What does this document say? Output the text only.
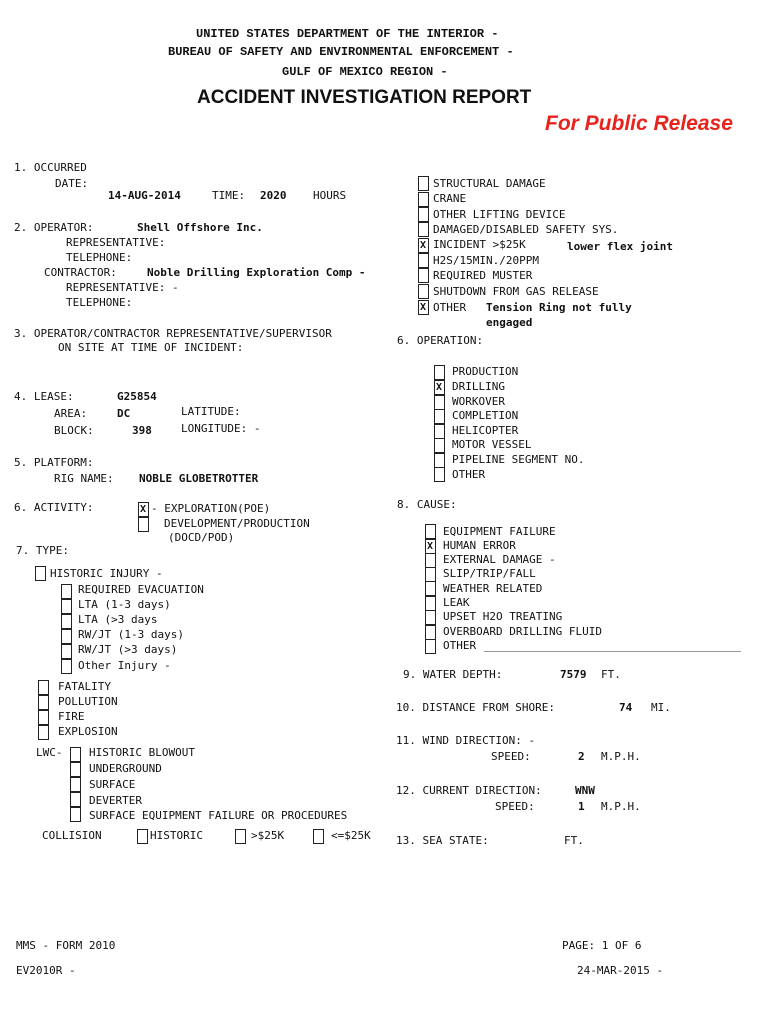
UNITED STATES DEPARTMENT OF THE INTERIOR -
BUREAU OF SAFETY AND ENVIRONMENTAL ENFORCEMENT -
GULF OF MEXICO REGION -
ACCIDENT INVESTIGATION REPORT
For Public Release
1. OCCURRED
DATE:
14-AUG-2014	TIME: 2020 HOURS
2. OPERATOR:	Shell Offshore Inc.
REPRESENTATIVE:
TELEPHONE:
CONTRACTOR:	Noble Drilling Exploration Comp -
REPRESENTATIVE: -
TELEPHONE:
3. OPERATOR/CONTRACTOR REPRESENTATIVE/SUPERVISOR
ON SITE AT TIME OF INCIDENT:
4. LEASE:	G25854
AREA:	DC	LATITUDE:
BLOCK:	398	LONGITUDE: -
5. PLATFORM:
RIG NAME: NOBLE GLOBETROTTER
6. ACTIVITY:	X - EXPLORATION(POE)
DEVELOPMENT/PRODUCTION
(DOCD/POD)
7. TYPE:
HISTORIC INJURY -
REQUIRED EVACUATION
LTA (1-3 days)
LTA (>3 days
RW/JT (1-3 days)
RW/JT (>3 days)
Other Injury -
FATALITY
POLLUTION
FIRE
EXPLOSION
LWC- HISTORIC BLOWOUT
UNDERGROUND
SURFACE
DEVERTER
SURFACE EQUIPMENT FAILURE OR PROCEDURES
COLLISION	HISTORIC	>$25K	<=$25K
STRUCTURAL DAMAGE
CRANE
OTHER LIFTING DEVICE
DAMAGED/DISABLED SAFETY SYS.
X INCIDENT >$25K	lower flex joint
H2S/15MIN./20PPM
REQUIRED MUSTER
SHUTDOWN FROM GAS RELEASE
X OTHER Tension Ring not fully
engaged
6. OPERATION:
PRODUCTION
X DRILLING
WORKOVER
COMPLETION
HELICOPTER
MOTOR VESSEL
PIPELINE SEGMENT NO.
OTHER
8. CAUSE:
EQUIPMENT FAILURE
X HUMAN ERROR
EXTERNAL DAMAGE -
SLIP/TRIP/FALL
WEATHER RELATED
LEAK
UPSET H2O TREATING
OVERBOARD DRILLING FLUID
OTHER
9. WATER DEPTH:	7579 FT.
10. DISTANCE FROM SHORE:	74 MI.
11. WIND DIRECTION: -
SPEED:	2 M.P.H.
12. CURRENT DIRECTION:	WNW
SPEED:	1 M.P.H.
13. SEA STATE:	FT.
MMS - FORM 2010	PAGE: 1 OF 6
EV2010R -	24-MAR-2015 -
